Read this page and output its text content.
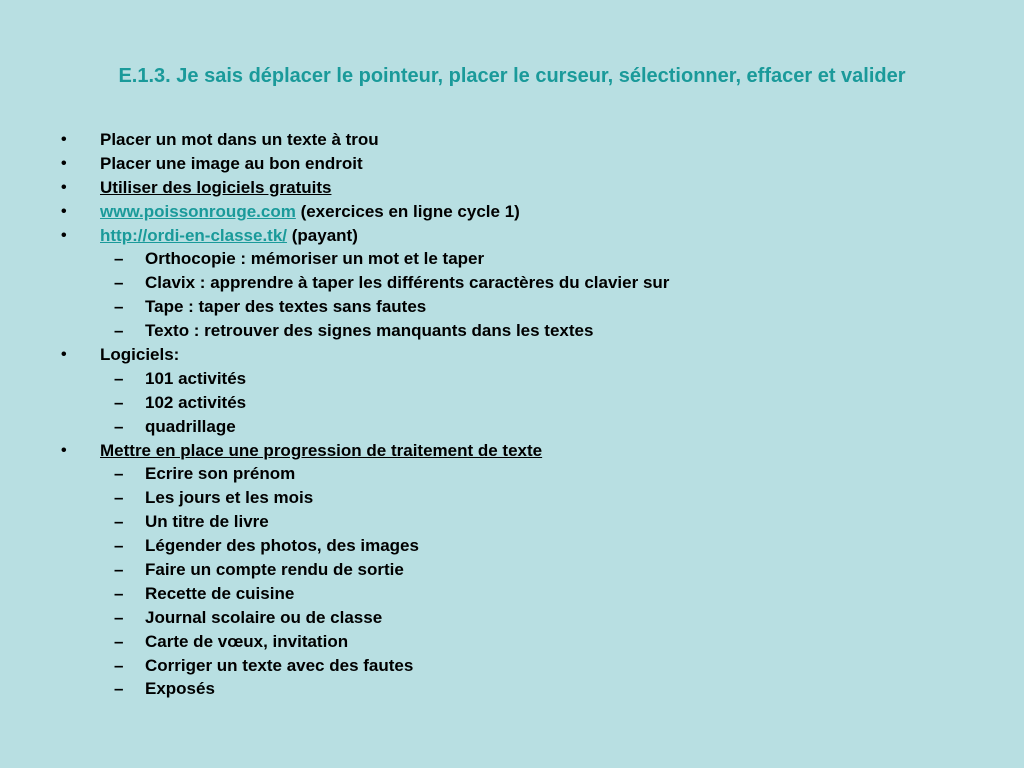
E.1.3. Je sais déplacer le pointeur, placer le curseur, sélectionner, effacer et valider
• Placer un mot dans un texte à trou
• Placer une image au bon endroit
• Utiliser des logiciels gratuits
• www.poissonrouge.com (exercices en ligne cycle 1)
• http://ordi-en-classe.tk/ (payant)
– Orthocopie : mémoriser un mot et le taper
– Clavix : apprendre à taper les différents caractères du clavier sur
– Tape : taper des textes sans fautes
– Texto : retrouver des signes manquants dans les textes
• Logiciels:
– 101 activités
– 102 activités
– quadrillage
• Mettre en place une progression de traitement de texte
– Ecrire son prénom
– Les jours et les mois
– Un titre de livre
– Légender des photos, des images
– Faire un compte rendu de sortie
– Recette de cuisine
– Journal scolaire ou de classe
– Carte de vœux, invitation
– Corriger un texte avec des fautes
– Exposés
